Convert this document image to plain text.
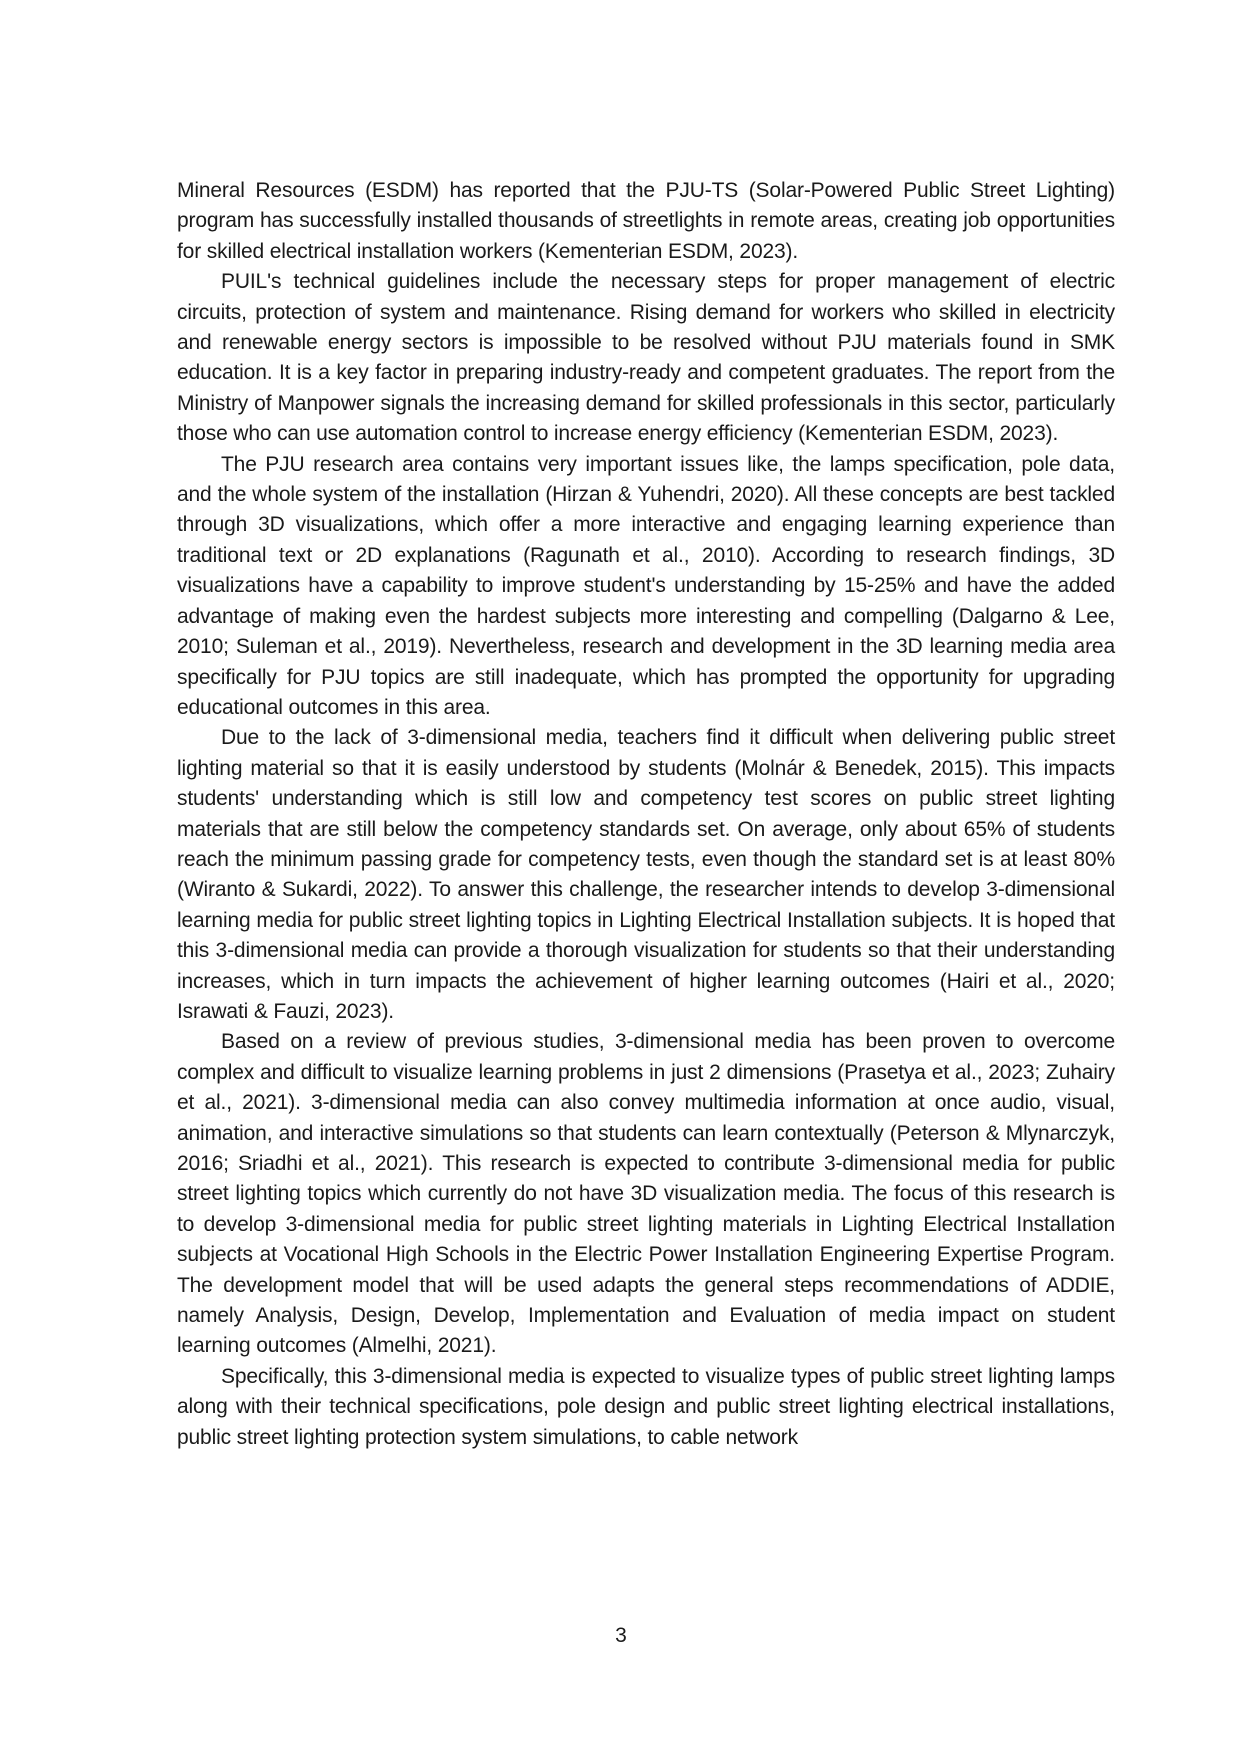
Mineral Resources (ESDM) has reported that the PJU-TS (Solar-Powered Public Street Lighting) program has successfully installed thousands of streetlights in remote areas, creating job opportunities for skilled electrical installation workers (Kementerian ESDM, 2023).

PUIL's technical guidelines include the necessary steps for proper management of electric circuits, protection of system and maintenance. Rising demand for workers who skilled in electricity and renewable energy sectors is impossible to be resolved without PJU materials found in SMK education. It is a key factor in preparing industry-ready and competent graduates. The report from the Ministry of Manpower signals the increasing demand for skilled professionals in this sector, particularly those who can use automation control to increase energy efficiency (Kementerian ESDM, 2023).

The PJU research area contains very important issues like, the lamps specification, pole data, and the whole system of the installation (Hirzan & Yuhendri, 2020). All these concepts are best tackled through 3D visualizations, which offer a more interactive and engaging learning experience than traditional text or 2D explanations (Ragunath et al., 2010). According to research findings, 3D visualizations have a capability to improve student's understanding by 15-25% and have the added advantage of making even the hardest subjects more interesting and compelling (Dalgarno & Lee, 2010; Suleman et al., 2019). Nevertheless, research and development in the 3D learning media area specifically for PJU topics are still inadequate, which has prompted the opportunity for upgrading educational outcomes in this area.

Due to the lack of 3-dimensional media, teachers find it difficult when delivering public street lighting material so that it is easily understood by students (Molnár & Benedek, 2015). This impacts students' understanding which is still low and competency test scores on public street lighting materials that are still below the competency standards set. On average, only about 65% of students reach the minimum passing grade for competency tests, even though the standard set is at least 80% (Wiranto & Sukardi, 2022). To answer this challenge, the researcher intends to develop 3-dimensional learning media for public street lighting topics in Lighting Electrical Installation subjects. It is hoped that this 3-dimensional media can provide a thorough visualization for students so that their understanding increases, which in turn impacts the achievement of higher learning outcomes (Hairi et al., 2020; Israwati & Fauzi, 2023).

Based on a review of previous studies, 3-dimensional media has been proven to overcome complex and difficult to visualize learning problems in just 2 dimensions (Prasetya et al., 2023; Zuhairy et al., 2021). 3-dimensional media can also convey multimedia information at once audio, visual, animation, and interactive simulations so that students can learn contextually (Peterson & Mlynarczyk, 2016; Sriadhi et al., 2021). This research is expected to contribute 3-dimensional media for public street lighting topics which currently do not have 3D visualization media. The focus of this research is to develop 3-dimensional media for public street lighting materials in Lighting Electrical Installation subjects at Vocational High Schools in the Electric Power Installation Engineering Expertise Program. The development model that will be used adapts the general steps recommendations of ADDIE, namely Analysis, Design, Develop, Implementation and Evaluation of media impact on student learning outcomes (Almelhi, 2021).

Specifically, this 3-dimensional media is expected to visualize types of public street lighting lamps along with their technical specifications, pole design and public street lighting electrical installations, public street lighting protection system simulations, to cable network

3
